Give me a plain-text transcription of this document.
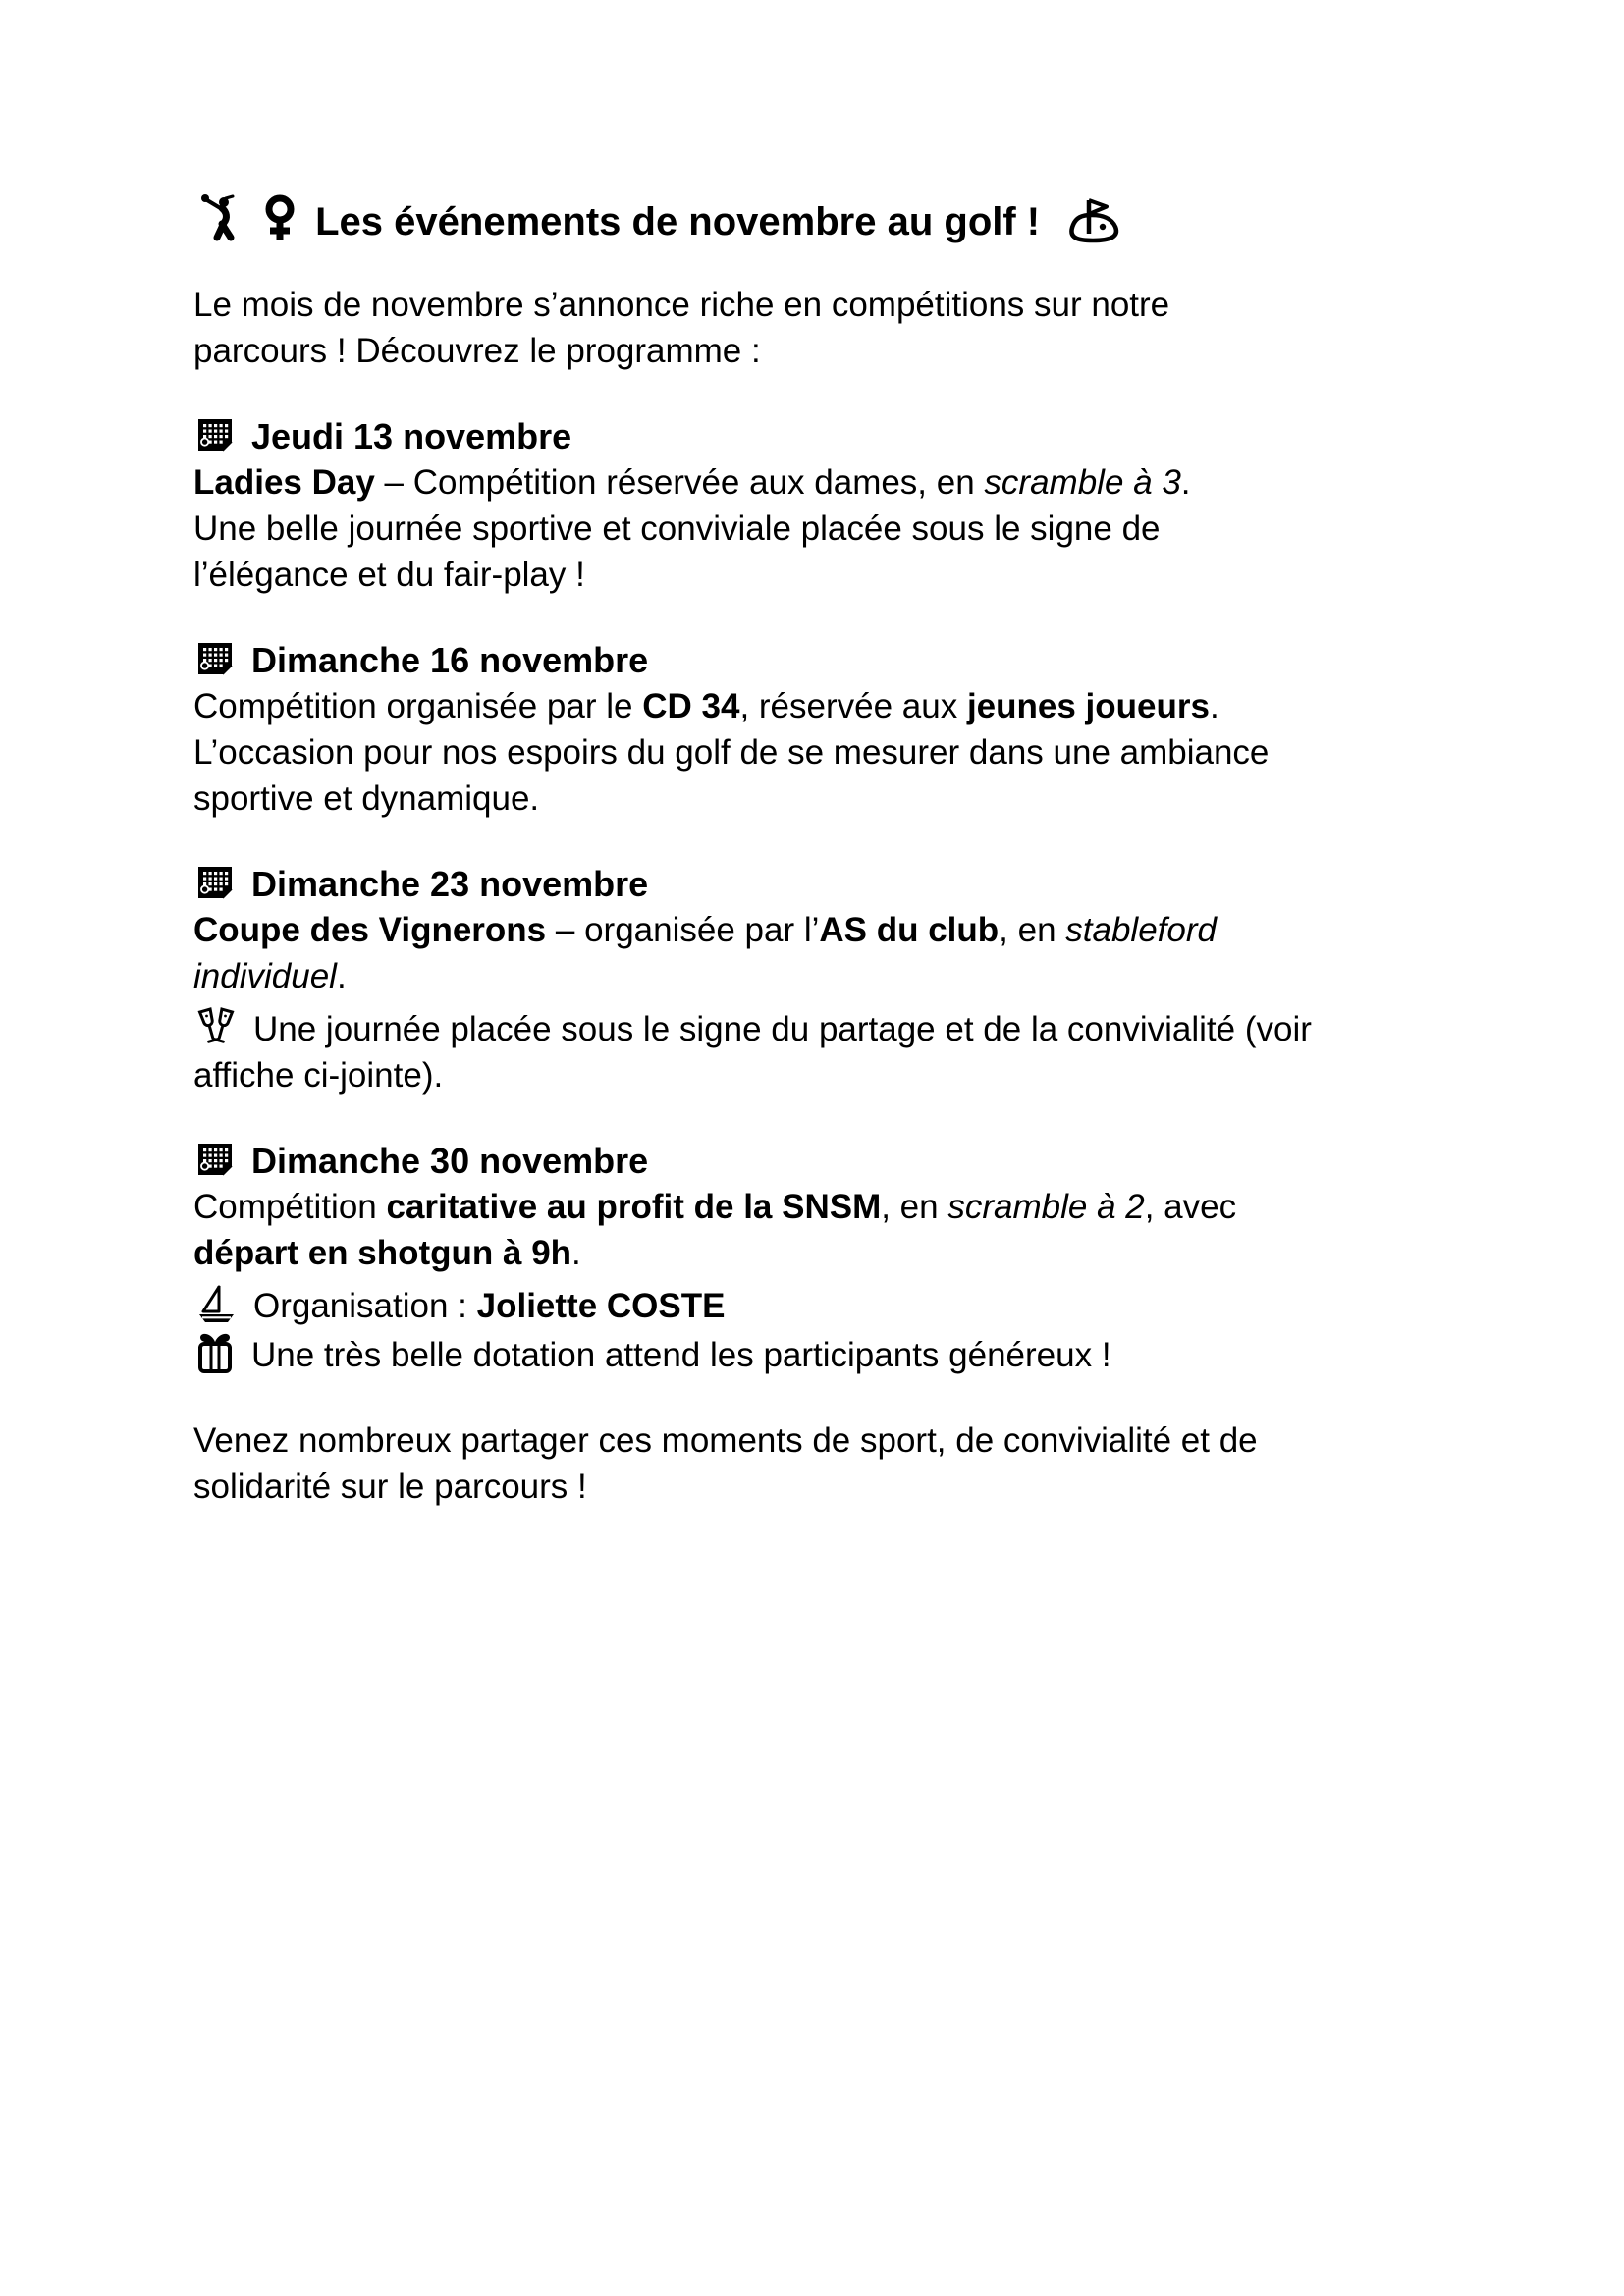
Les événements de novembre au golf !

Le mois de novembre s’annonce riche en compétitions sur notre
parcours ! Découvrez le programme :

Jeudi 13 novembre
Ladies Day – Compétition réservée aux dames, en scramble à 3.
Une belle journée sportive et conviviale placée sous le signe de
l’élégance et du fair-play !
Dimanche 16 novembre
Compétition organisée par le CD 34, réservée aux jeunes joueurs.
L’occasion pour nos espoirs du golf de se mesurer dans une ambiance
sportive et dynamique.
Dimanche 23 novembre
Coupe des Vignerons – organisée par l’AS du club, en stableford
individuel.
Une journée placée sous le signe du partage et de la convivialité (voir
affiche ci-jointe).
Dimanche 30 novembre
Compétition caritative au profit de la SNSM, en scramble à 2, avec
départ en shotgun à 9h.
Organisation : Joliette COSTE
Une très belle dotation attend les participants généreux !

Venez nombreux partager ces moments de sport, de convivialité et de
solidarité sur le parcours !
